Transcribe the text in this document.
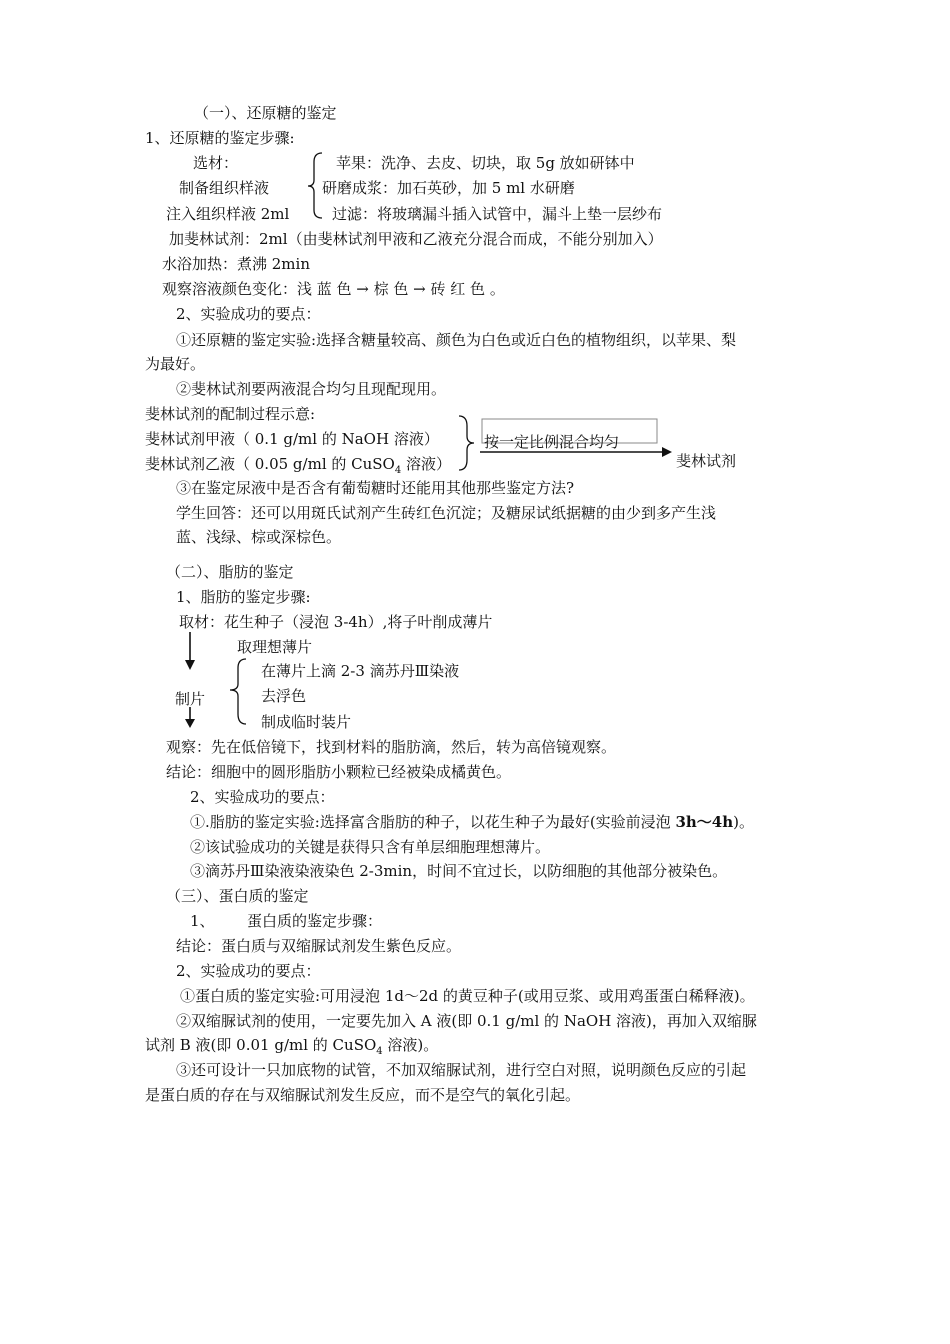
（一）、还原糖的鉴定
1、还原糖的鉴定步骤:
选材：
制备组织样液
注入组织样液 2ml
苹果：洗净、去皮、切块，取 5g 放如研钵中
研磨成浆：加石英砂，加 5 ml 水研磨
过滤：将玻璃漏斗插入试管中，漏斗上垫一层纱布
加斐林试剂：2ml（由斐林试剂甲液和乙液充分混合而成，不能分别加入）
水浴加热：煮沸 2min
观察溶液颜色变化：浅 蓝 色 → 棕 色 → 砖 红 色 。
2、实验成功的要点：
①还原糖的鉴定实验:选择含糖量较高、颜色为白色或近白色的植物组织，以苹果、梨
为最好。
②斐林试剂要两液混合均匀且现配现用。
斐林试剂的配制过程示意:
斐林试剂甲液（ 0.1 g/ml 的 NaOH 溶液）
斐林试剂乙液（ 0.05 g/ml 的 CuSO$_4$ 溶液）
按一定比例混合均匀
斐林试剂
③在鉴定尿液中是否含有葡萄糖时还能用其他那些鉴定方法?
学生回答：还可以用斑氏试剂产生砖红色沉淀；及糖尿试纸据糖的由少到多产生浅
蓝、浅绿、棕或深棕色。
（二）、脂肪的鉴定
1、脂肪的鉴定步骤:
取材：花生种子（浸泡 3-4h）,将子叶削成薄片
取理想薄片
在薄片上滴 2-3 滴苏丹Ⅲ染液
去浮色
制片
制成临时装片
观察：先在低倍镜下，找到材料的脂肪滴，然后，转为高倍镜观察。
结论：细胞中的圆形脂肪小颗粒已经被染成橘黄色。
2、实验成功的要点：
①.脂肪的鉴定实验:选择富含脂肪的种子，以花生种子为最好(实验前浸泡 3h～4h)。
②该试验成功的关键是获得只含有单层细胞理想薄片。
③滴苏丹Ⅲ染液染液染色 2-3min，时间不宜过长，以防细胞的其他部分被染色。
（三）、蛋白质的鉴定
1、 蛋白质的鉴定步骤：
结论：蛋白质与双缩脲试剂发生紫色反应。
2、实验成功的要点：
①蛋白质的鉴定实验:可用浸泡 1d～2d 的黄豆种子(或用豆浆、或用鸡蛋蛋白稀释液)。
②双缩脲试剂的使用，一定要先加入 A 液(即 0.1 g/ml 的 NaOH 溶液)，再加入双缩脲
试剂 B 液(即 0.01 g/ml 的 CuSO$_4$ 溶液)。
③还可设计一只加底物的试管，不加双缩脲试剂，进行空白对照，说明颜色反应的引起
是蛋白质的存在与双缩脲试剂发生反应，而不是空气的氧化引起。
